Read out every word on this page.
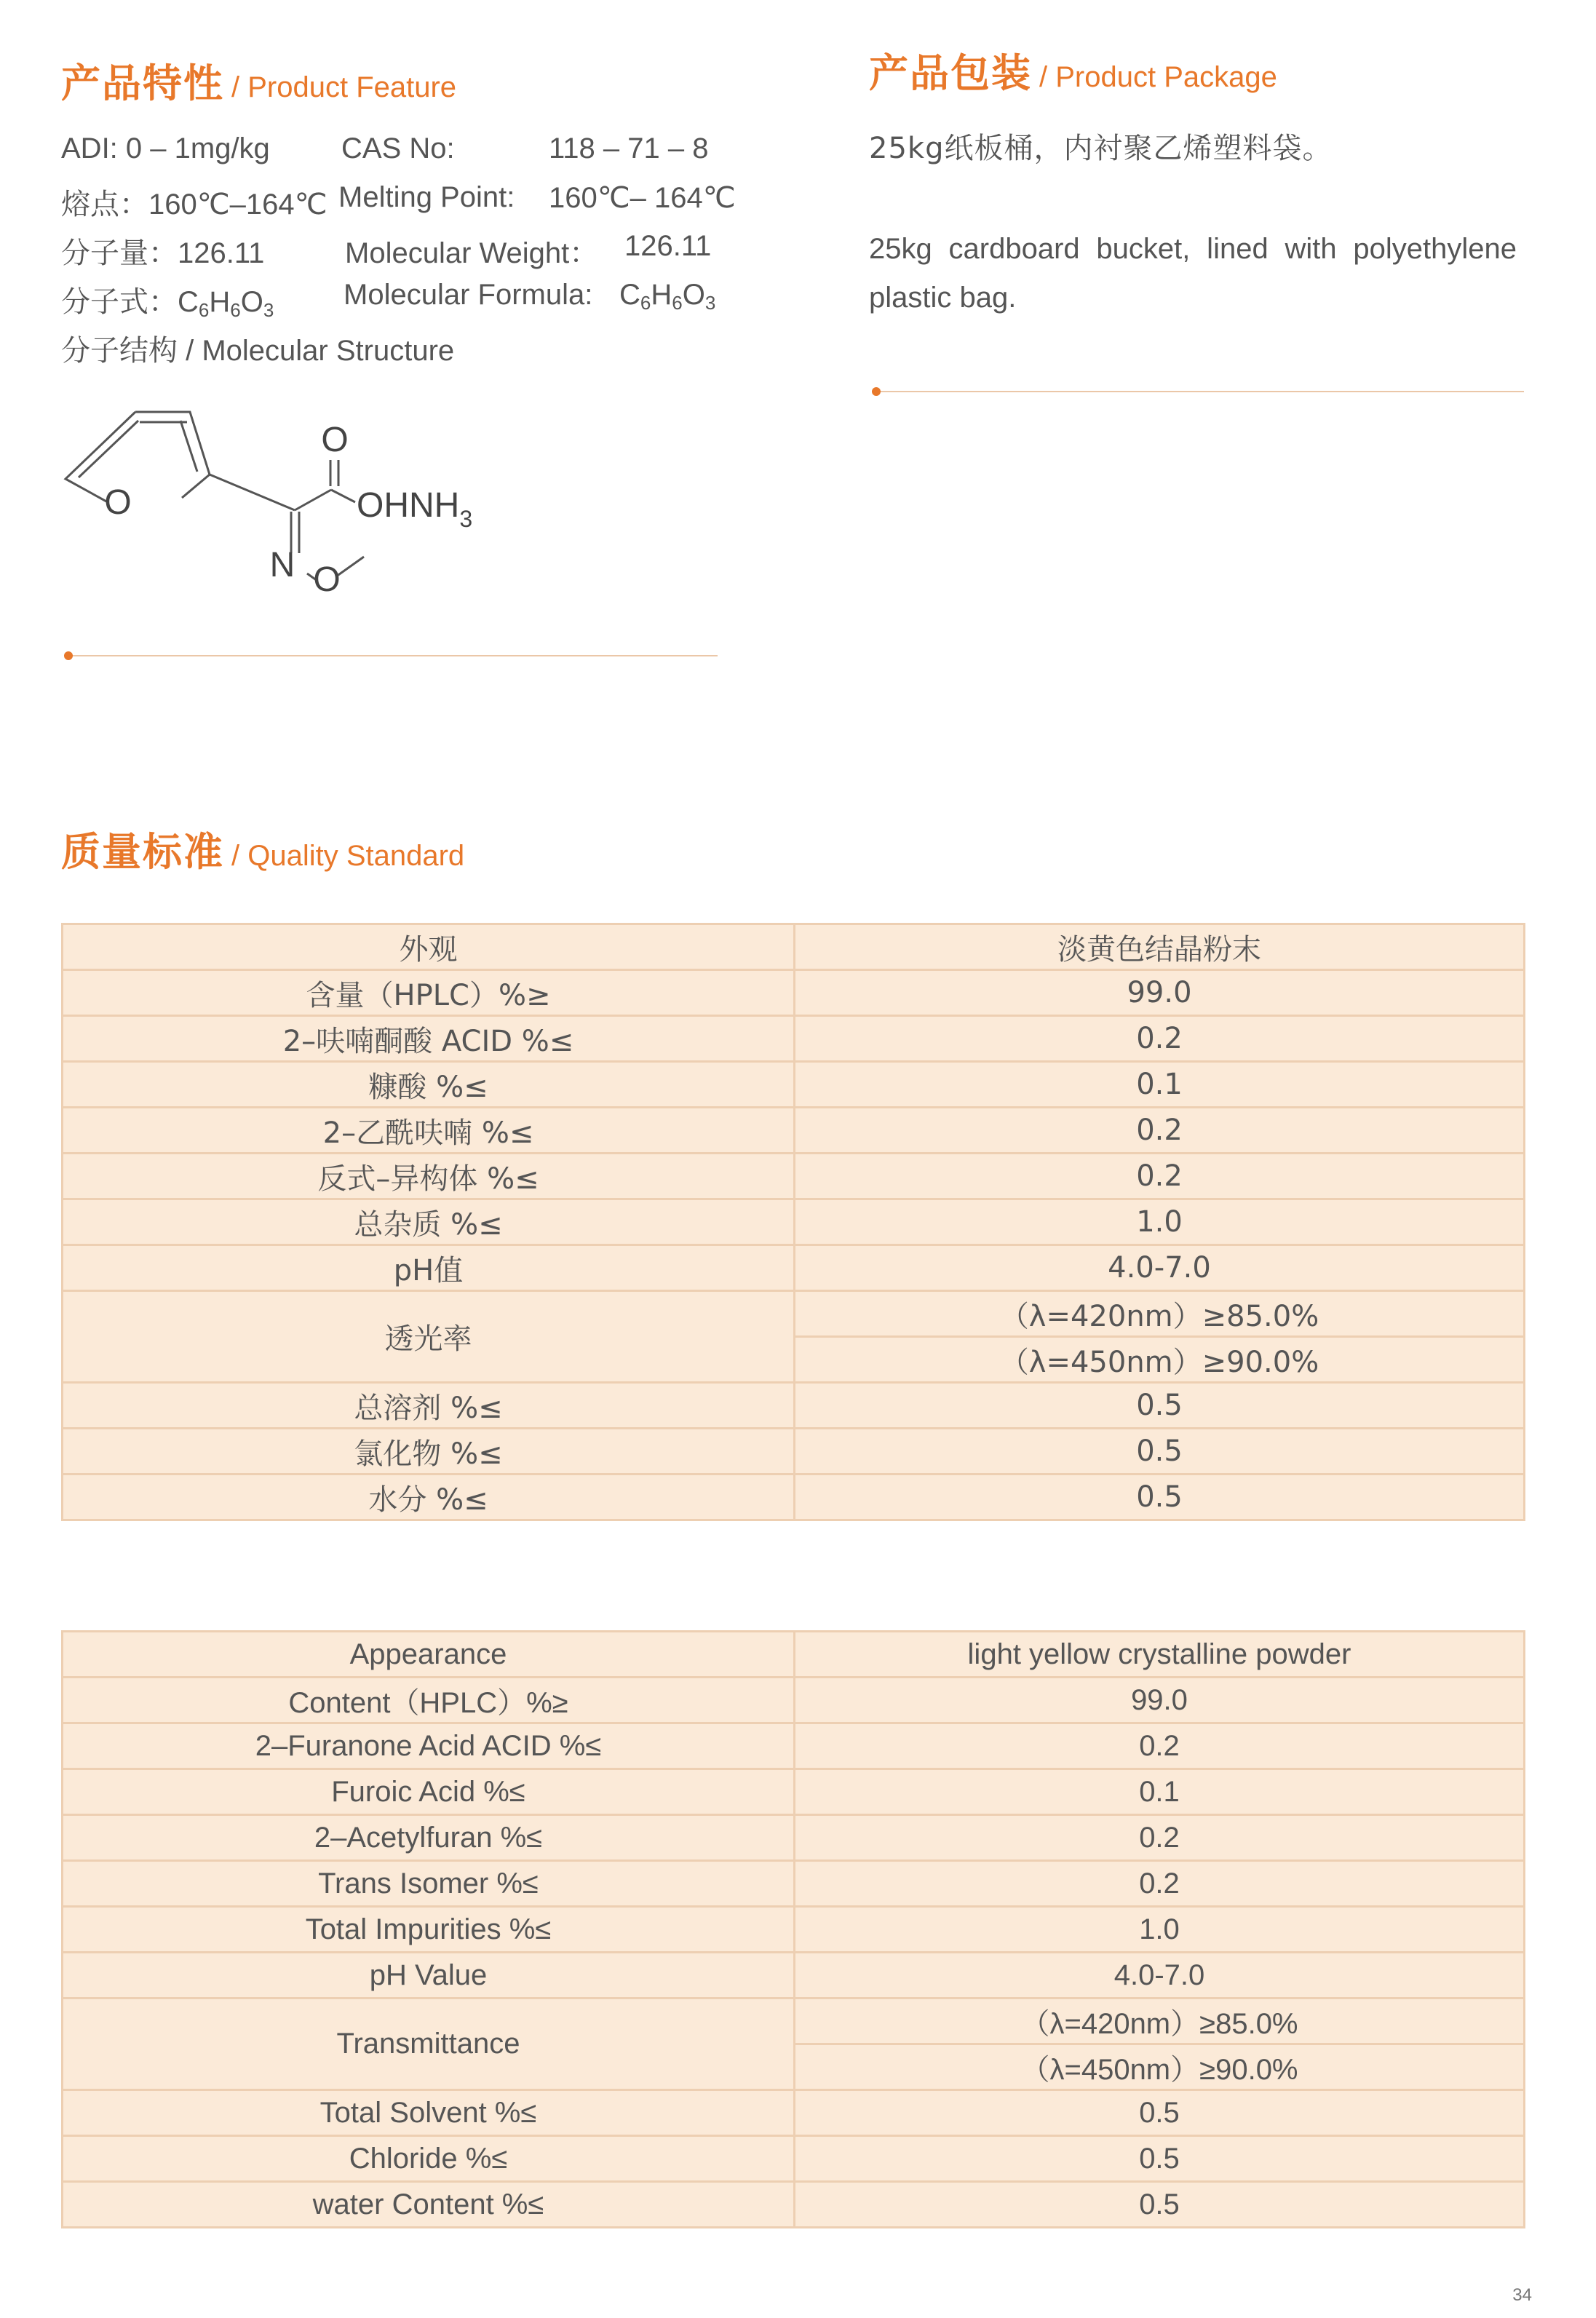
产品特性 / Product Feature
ADI: 0 – 1mg/kg CAS No:	118 – 71 – 8
熔点：160℃–164℃ Melting Point: 160℃– 164℃
分子量：126.11	Molecular Weight： 126.11
分子式：$C_6H_6O_3$ Molecular Formula: $C_6H_6O_3$
分子结构 / Molecular Structure
O
O
$OHNH_3$
N O
产品包装 / Product Package
25kg纸板桶，内衬聚乙烯塑料袋。
25kg cardboard bucket, lined with polyethylene plastic bag.
质量标准 / Quality Standard
外观	淡黄色结晶粉末
含量（HPLC）%≥	99.0
2–呋喃酮酸 ACID %≤	0.2
糠酸 %≤	0.1
2–乙酰呋喃 %≤	0.2
反式–异构体 %≤	0.2
总杂质 %≤	1.0
pH值	4.0-7.0
透光率	（λ=420nm）≥85.0%
	（λ=450nm）≥90.0%
总溶剂 %≤	0.5
氯化物 %≤	0.5
水分 %≤	0.5
Appearance	light yellow crystalline powder
Content（HPLC）%≥	99.0
2–Furanone Acid ACID %≤	0.2
Furoic Acid %≤	0.1
2–Acetylfuran %≤	0.2
Trans Isomer %≤	0.2
Total Impurities %≤	1.0
pH Value	4.0-7.0
Transmittance	（λ=420nm）≥85.0%
	（λ=450nm）≥90.0%
Total Solvent %≤	0.5
Chloride %≤	0.5
water Content %≤	0.5
34
